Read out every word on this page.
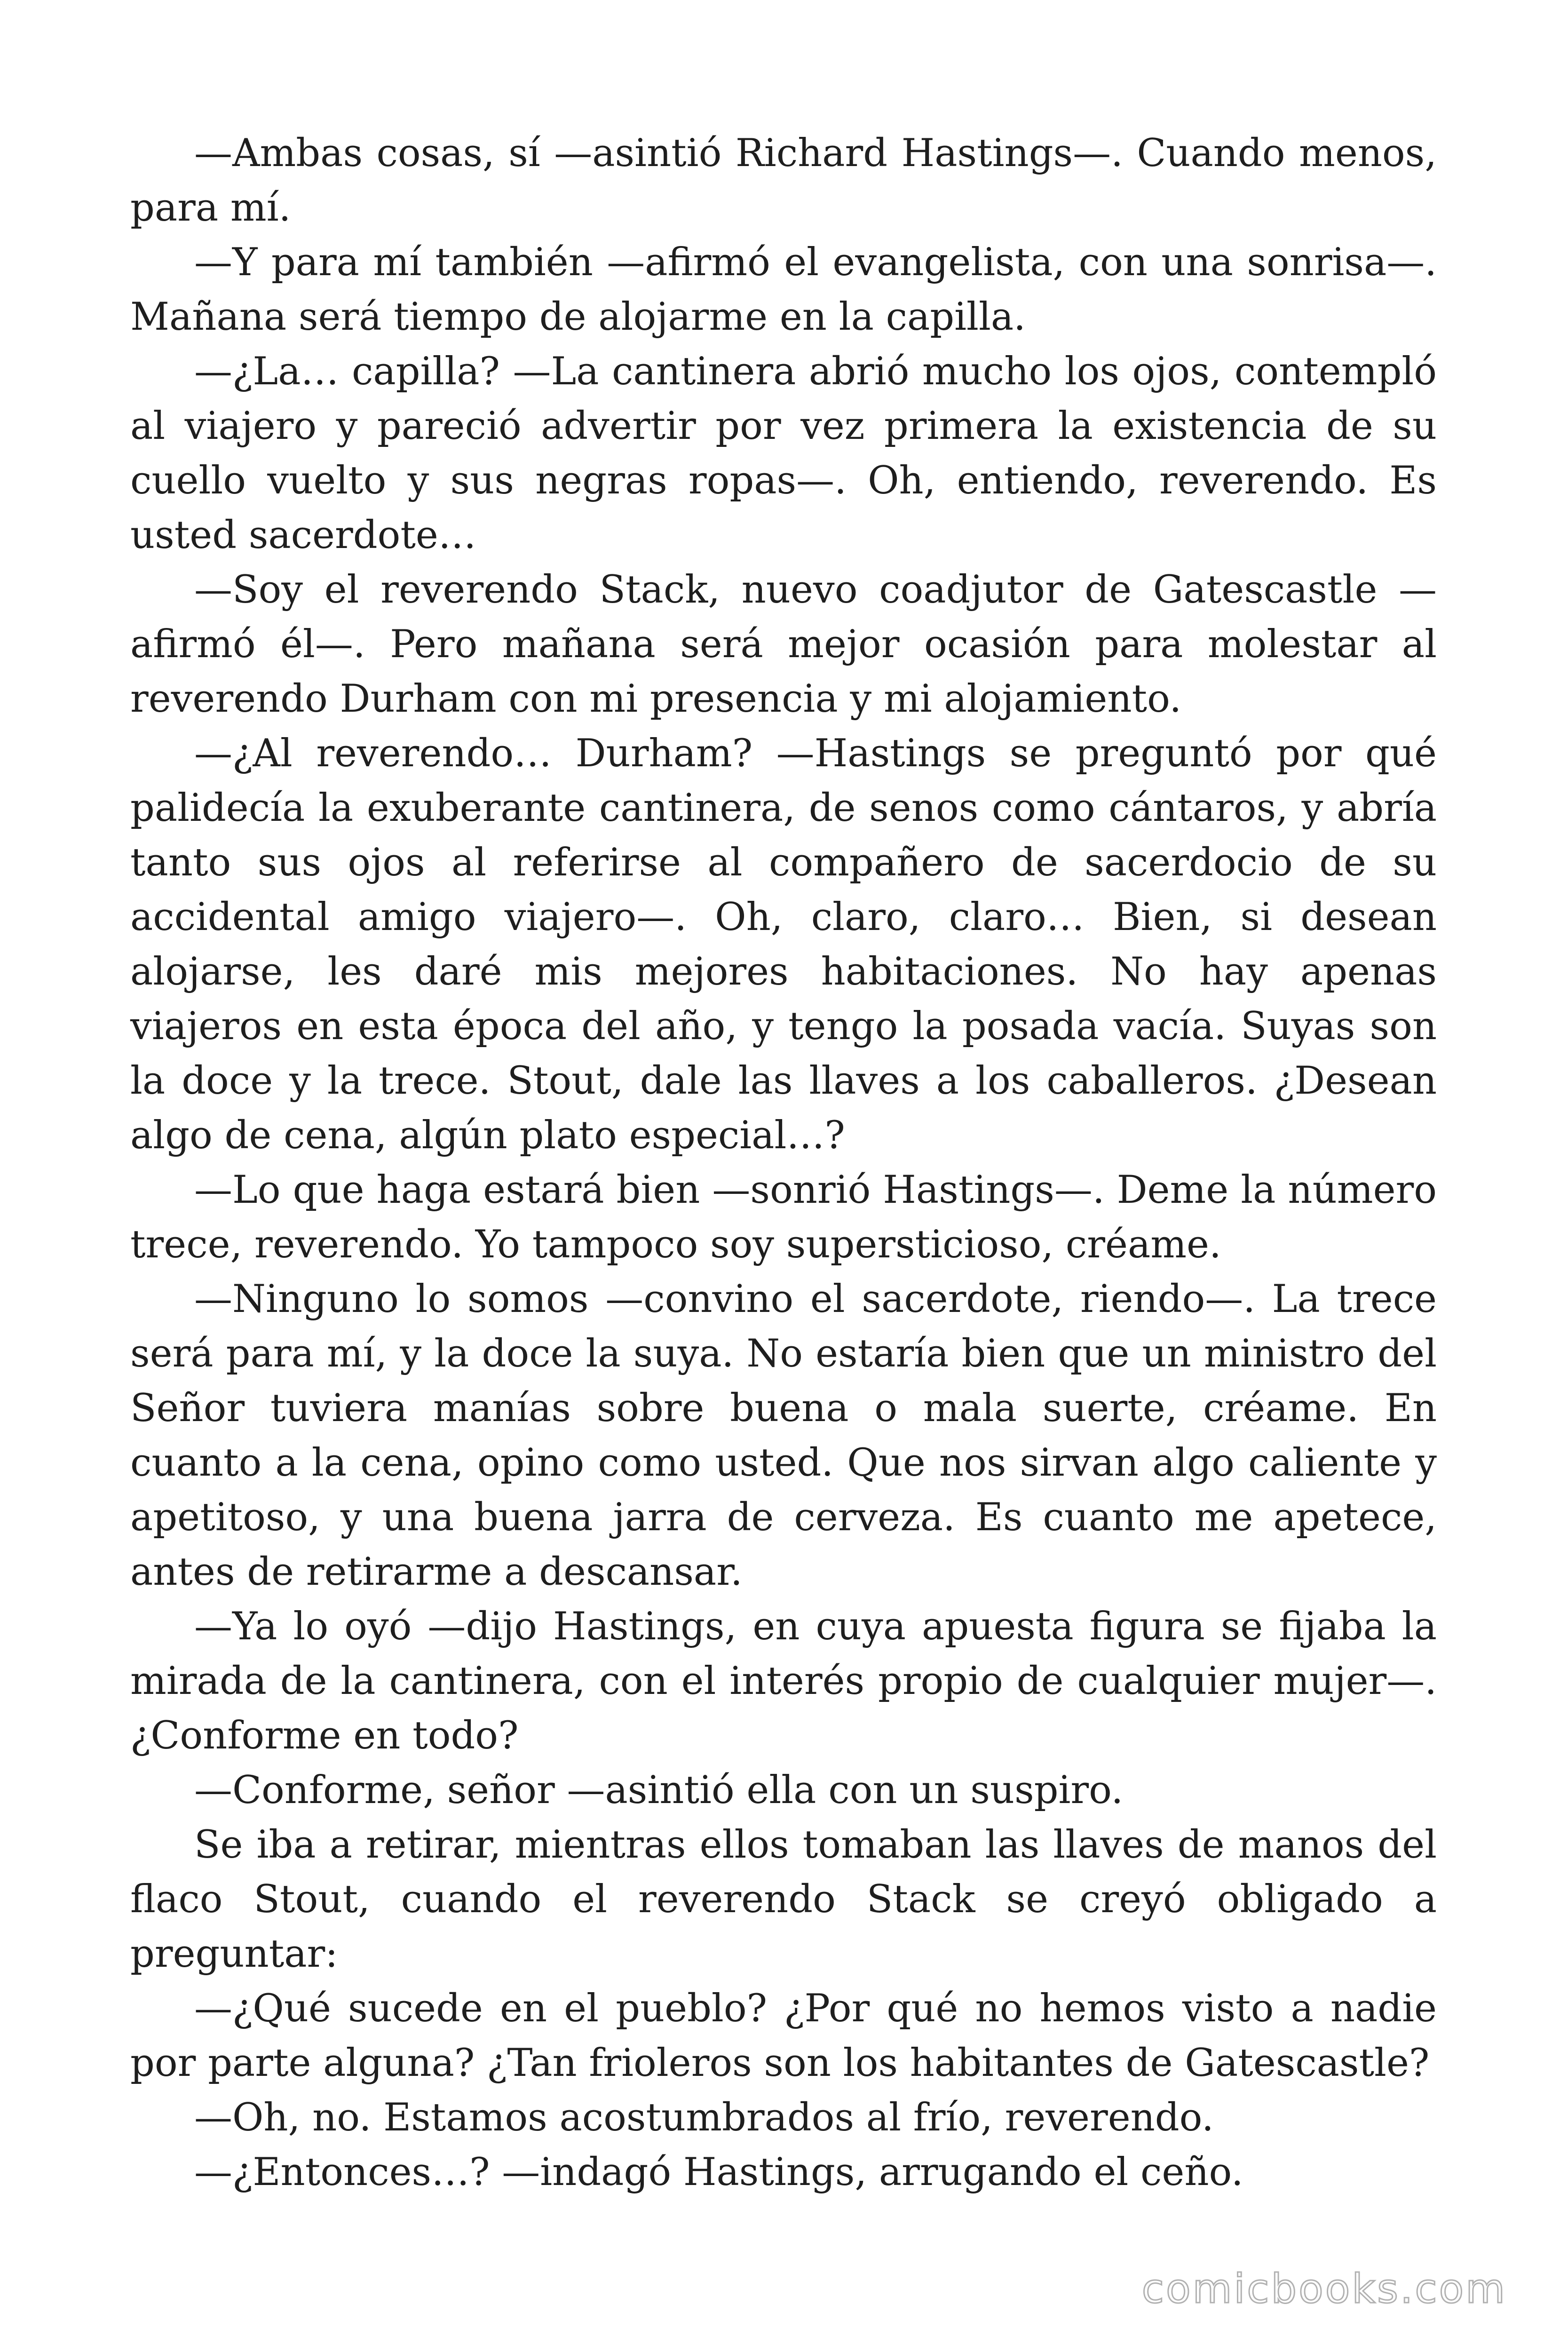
—Ambas cosas, sí —asintió Richard Hastings—. Cuando menos, para mí.

—Y para mí también —afirmó el evangelista, con una sonrisa—. Mañana será tiempo de alojarme en la capilla.

—¿La… capilla? —La cantinera abrió mucho los ojos, contempló al viajero y pareció advertir por vez primera la existencia de su cuello vuelto y sus negras ropas—. Oh, entiendo, reverendo. Es usted sacerdote…

—Soy el reverendo Stack, nuevo coadjutor de Gatescastle — afirmó él—. Pero mañana será mejor ocasión para molestar al reverendo Durham con mi presencia y mi alojamiento.

—¿Al reverendo… Durham? —Hastings se preguntó por qué palidecía la exuberante cantinera, de senos como cántaros, y abría tanto sus ojos al referirse al compañero de sacerdocio de su accidental amigo viajero—. Oh, claro, claro… Bien, si desean alojarse, les daré mis mejores habitaciones. No hay apenas viajeros en esta época del año, y tengo la posada vacía. Suyas son la doce y la trece. Stout, dale las llaves a los caballeros. ¿Desean algo de cena, algún plato especial…?

—Lo que haga estará bien —sonrió Hastings—. Deme la número trece, reverendo. Yo tampoco soy supersticioso, créame.

—Ninguno lo somos —convino el sacerdote, riendo—. La trece será para mí, y la doce la suya. No estaría bien que un ministro del Señor tuviera manías sobre buena o mala suerte, créame. En cuanto a la cena, opino como usted. Que nos sirvan algo caliente y apetitoso, y una buena jarra de cerveza. Es cuanto me apetece, antes de retirarme a descansar.

—Ya lo oyó —dijo Hastings, en cuya apuesta figura se fijaba la mirada de la cantinera, con el interés propio de cualquier mujer—. ¿Conforme en todo?

—Conforme, señor —asintió ella con un suspiro.

Se iba a retirar, mientras ellos tomaban las llaves de manos del flaco Stout, cuando el reverendo Stack se creyó obligado a preguntar:

—¿Qué sucede en el pueblo? ¿Por qué no hemos visto a nadie por parte alguna? ¿Tan frioleros son los habitantes de Gatescastle?

—Oh, no. Estamos acostumbrados al frío, reverendo.

—¿Entonces…? —indagó Hastings, arrugando el ceño.

comicbooks.com
